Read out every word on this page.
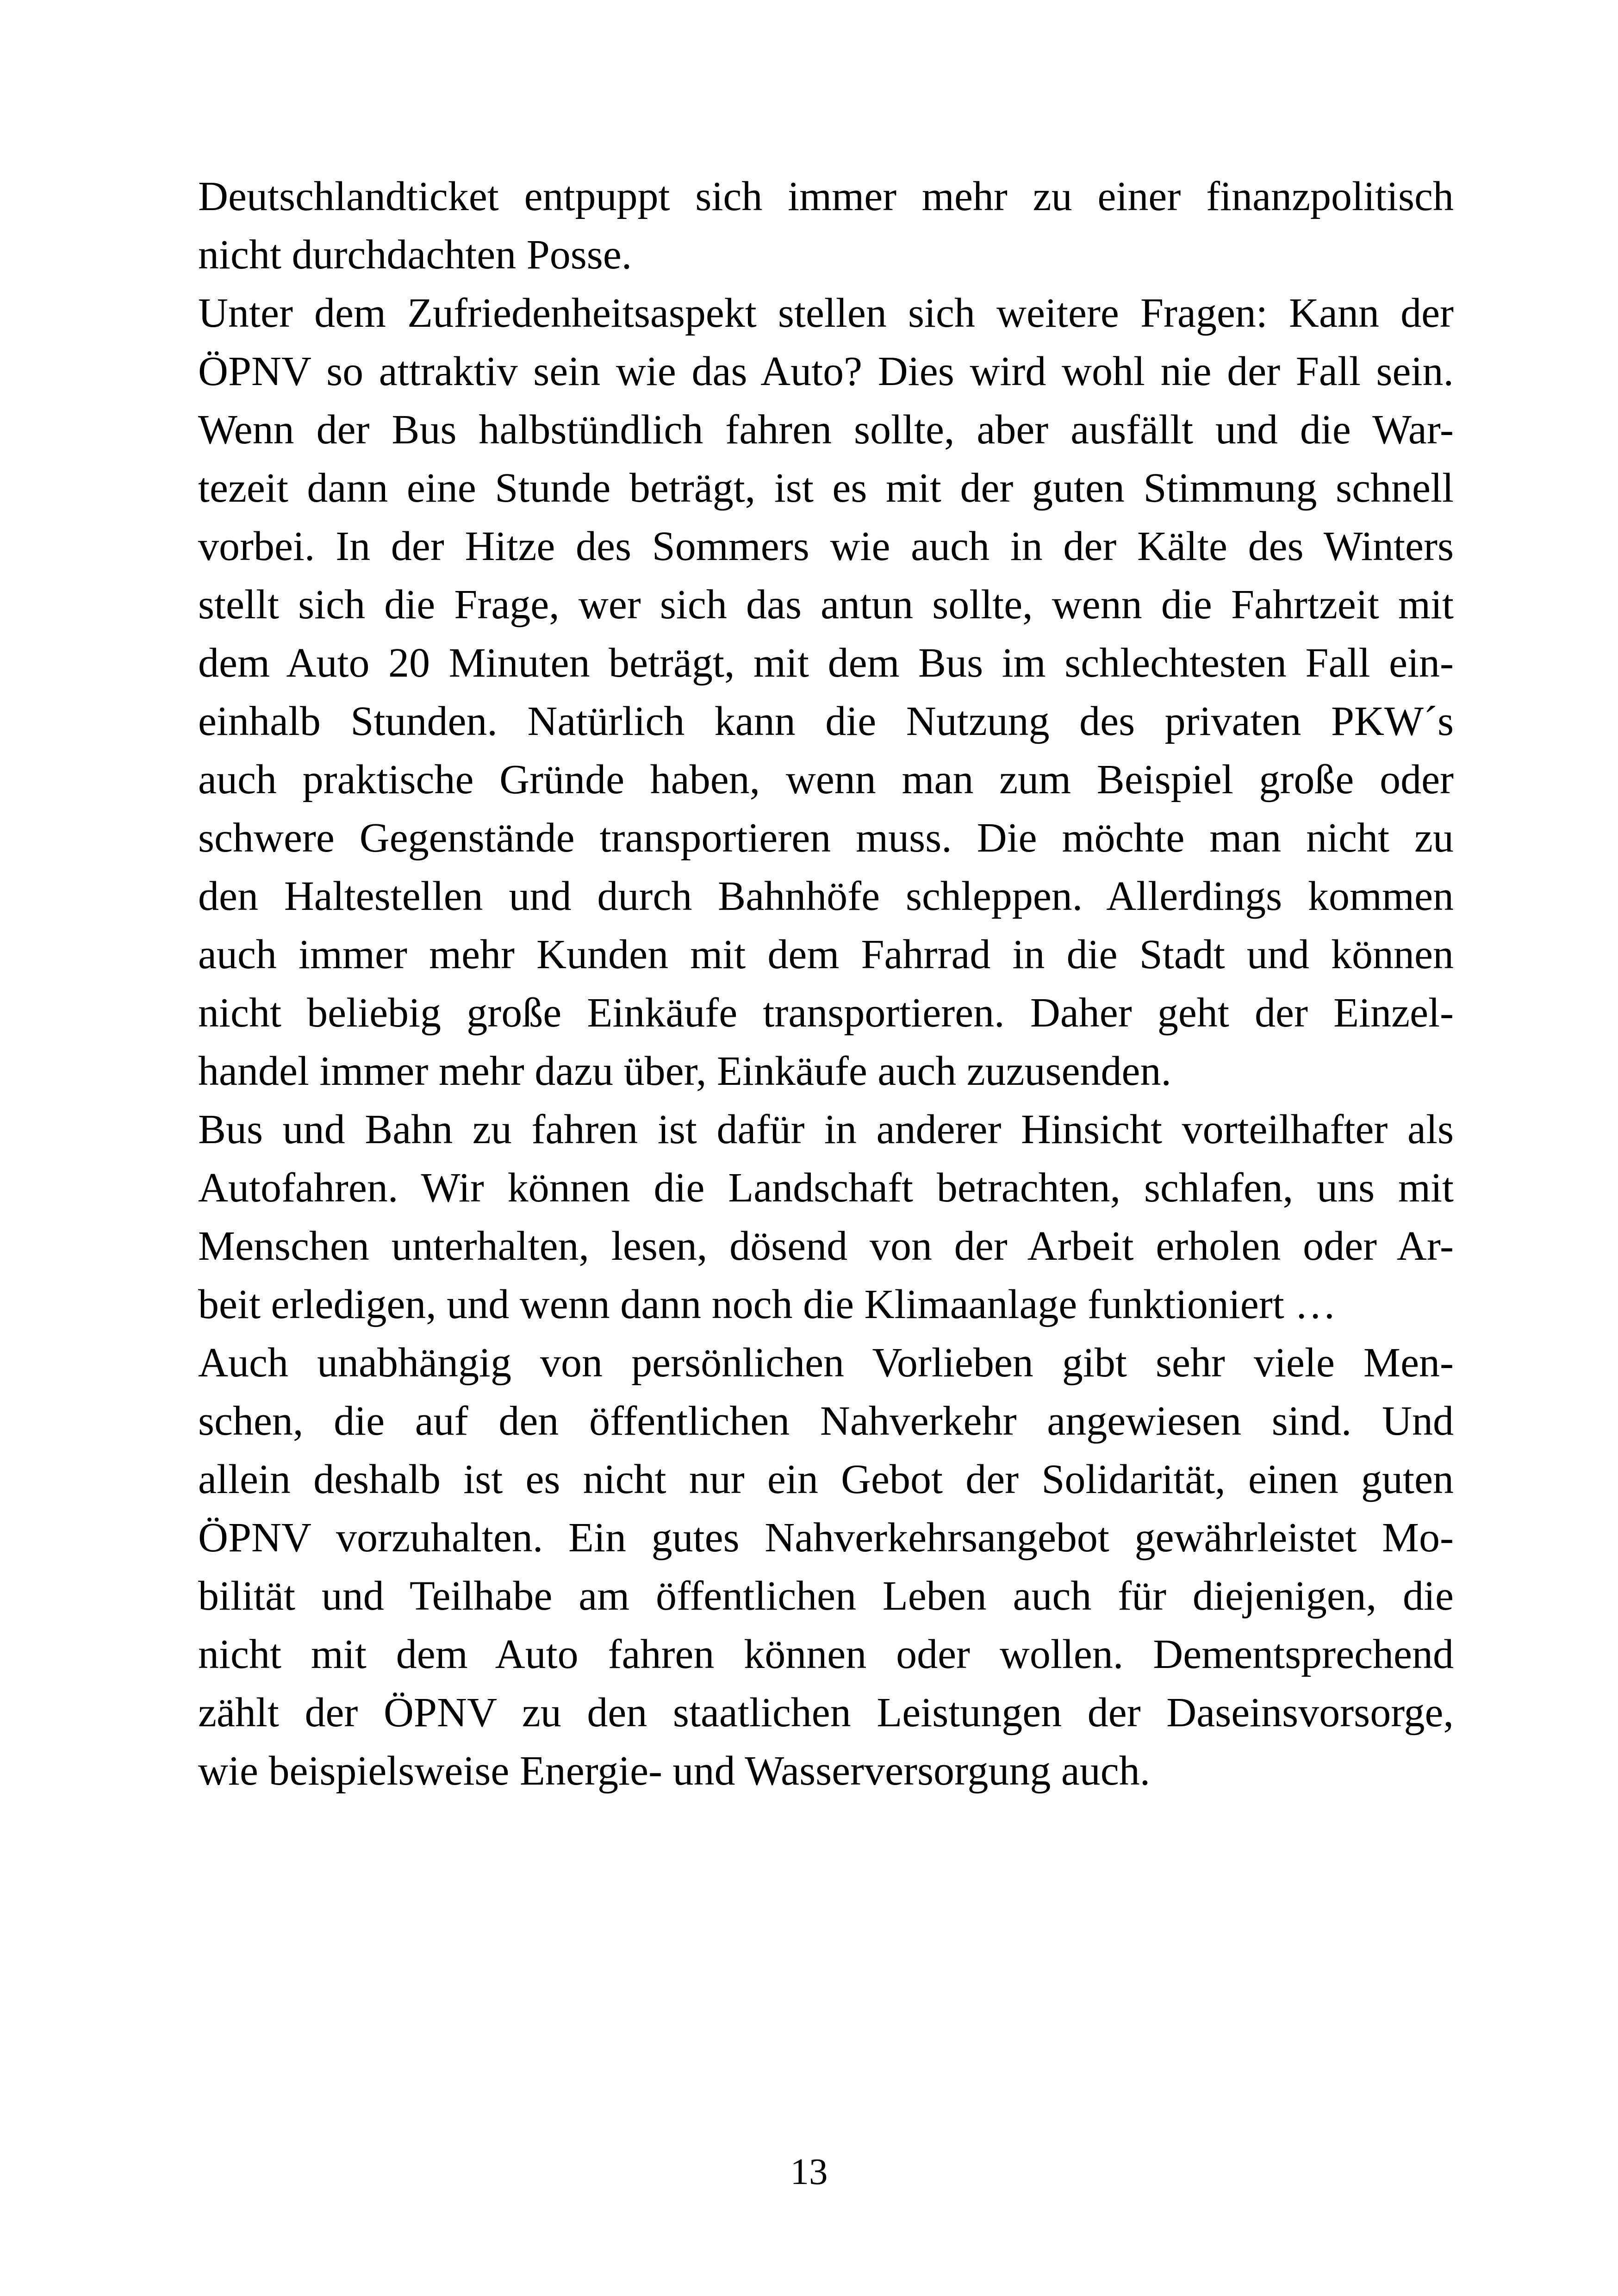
Deutschlandticket entpuppt sich immer mehr zu einer finanzpolitisch
nicht durchdachten Posse.
Unter dem Zufriedenheitsaspekt stellen sich weitere Fragen: Kann der
ÖPNV so attraktiv sein wie das Auto? Dies wird wohl nie der Fall sein.
Wenn der Bus halbstündlich fahren sollte, aber ausfällt und die War-
tezeit dann eine Stunde beträgt, ist es mit der guten Stimmung schnell
vorbei. In der Hitze des Sommers wie auch in der Kälte des Winters
stellt sich die Frage, wer sich das antun sollte, wenn die Fahrtzeit mit
dem Auto 20 Minuten beträgt, mit dem Bus im schlechtesten Fall ein-
einhalb Stunden. Natürlich kann die Nutzung des privaten PKW´s
auch praktische Gründe haben, wenn man zum Beispiel große oder
schwere Gegenstände transportieren muss. Die möchte man nicht zu
den Haltestellen und durch Bahnhöfe schleppen. Allerdings kommen
auch immer mehr Kunden mit dem Fahrrad in die Stadt und können
nicht beliebig große Einkäufe transportieren. Daher geht der Einzel-
handel immer mehr dazu über, Einkäufe auch zuzusenden.
Bus und Bahn zu fahren ist dafür in anderer Hinsicht vorteilhafter als
Autofahren. Wir können die Landschaft betrachten, schlafen, uns mit
Menschen unterhalten, lesen, dösend von der Arbeit erholen oder Ar-
beit erledigen, und wenn dann noch die Klimaanlage funktioniert …
Auch unabhängig von persönlichen Vorlieben gibt sehr viele Men-
schen, die auf den öffentlichen Nahverkehr angewiesen sind. Und
allein deshalb ist es nicht nur ein Gebot der Solidarität, einen guten
ÖPNV vorzuhalten. Ein gutes Nahverkehrsangebot gewährleistet Mo-
bilität und Teilhabe am öffentlichen Leben auch für diejenigen, die
nicht mit dem Auto fahren können oder wollen. Dementsprechend
zählt der ÖPNV zu den staatlichen Leistungen der Daseinsvorsorge,
wie beispielsweise Energie- und Wasserversorgung auch.
13
